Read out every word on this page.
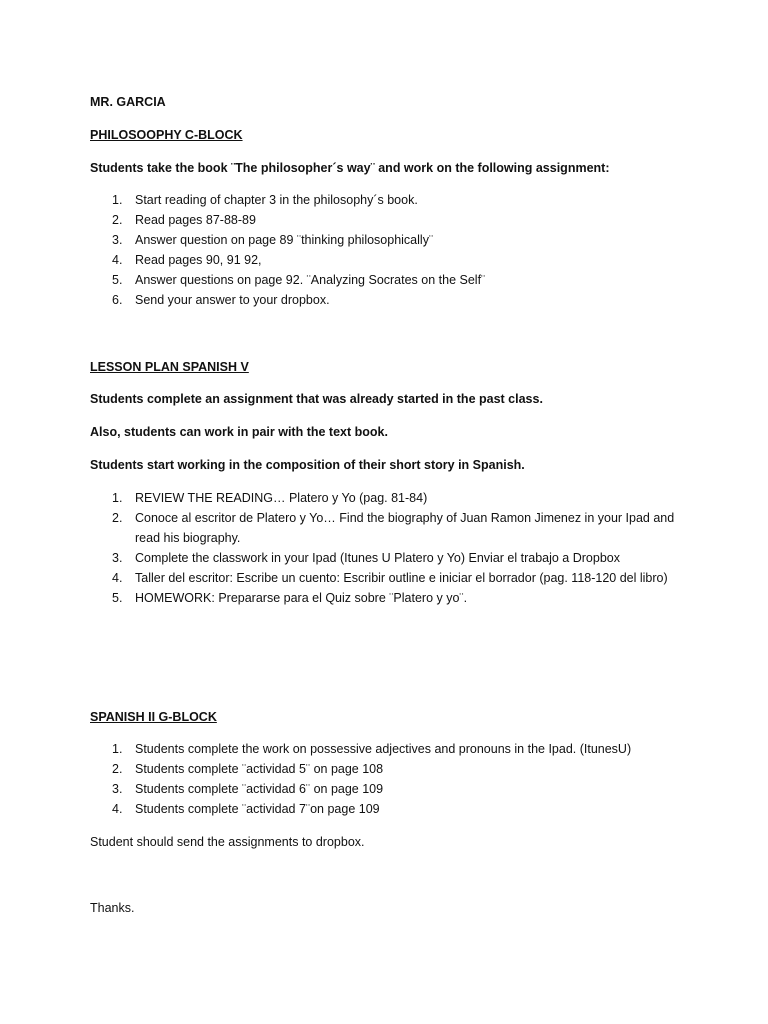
MR. GARCIA
PHILOSOOPHY C-BLOCK
Students take the book ¨The philosopher´s way¨ and work on the following assignment:
1. Start reading of chapter 3 in the philosophy´s book.
2. Read pages 87-88-89
3. Answer question on page 89 ¨thinking philosophically¨
4. Read pages 90, 91 92,
5. Answer questions on page 92. ¨Analyzing Socrates on the Self¨
6. Send your answer to your dropbox.
LESSON PLAN SPANISH V
Students complete an assignment that was already started in the past class.
Also, students can work in pair with the text book.
Students start working in the composition of their short story in Spanish.
1. REVIEW THE READING… Platero y Yo (pag. 81-84)
2. Conoce al escritor de Platero y Yo… Find the biography of Juan Ramon Jimenez in your Ipad and read his biography.
3. Complete the classwork in your Ipad (Itunes U Platero y Yo) Enviar el trabajo a Dropbox
4. Taller del escritor: Escribe un cuento: Escribir outline e iniciar el borrador (pag. 118-120 del libro)
5. HOMEWORK: Prepararse para el Quiz sobre ¨Platero y yo¨.
SPANISH II G-BLOCK
1. Students complete the work on possessive adjectives and pronouns in the Ipad. (ItunesU)
2. Students complete ¨actividad 5¨ on page 108
3. Students complete ¨actividad 6¨ on page 109
4. Students complete ¨actividad 7¨on page 109
Student should send the assignments to dropbox.
Thanks.
